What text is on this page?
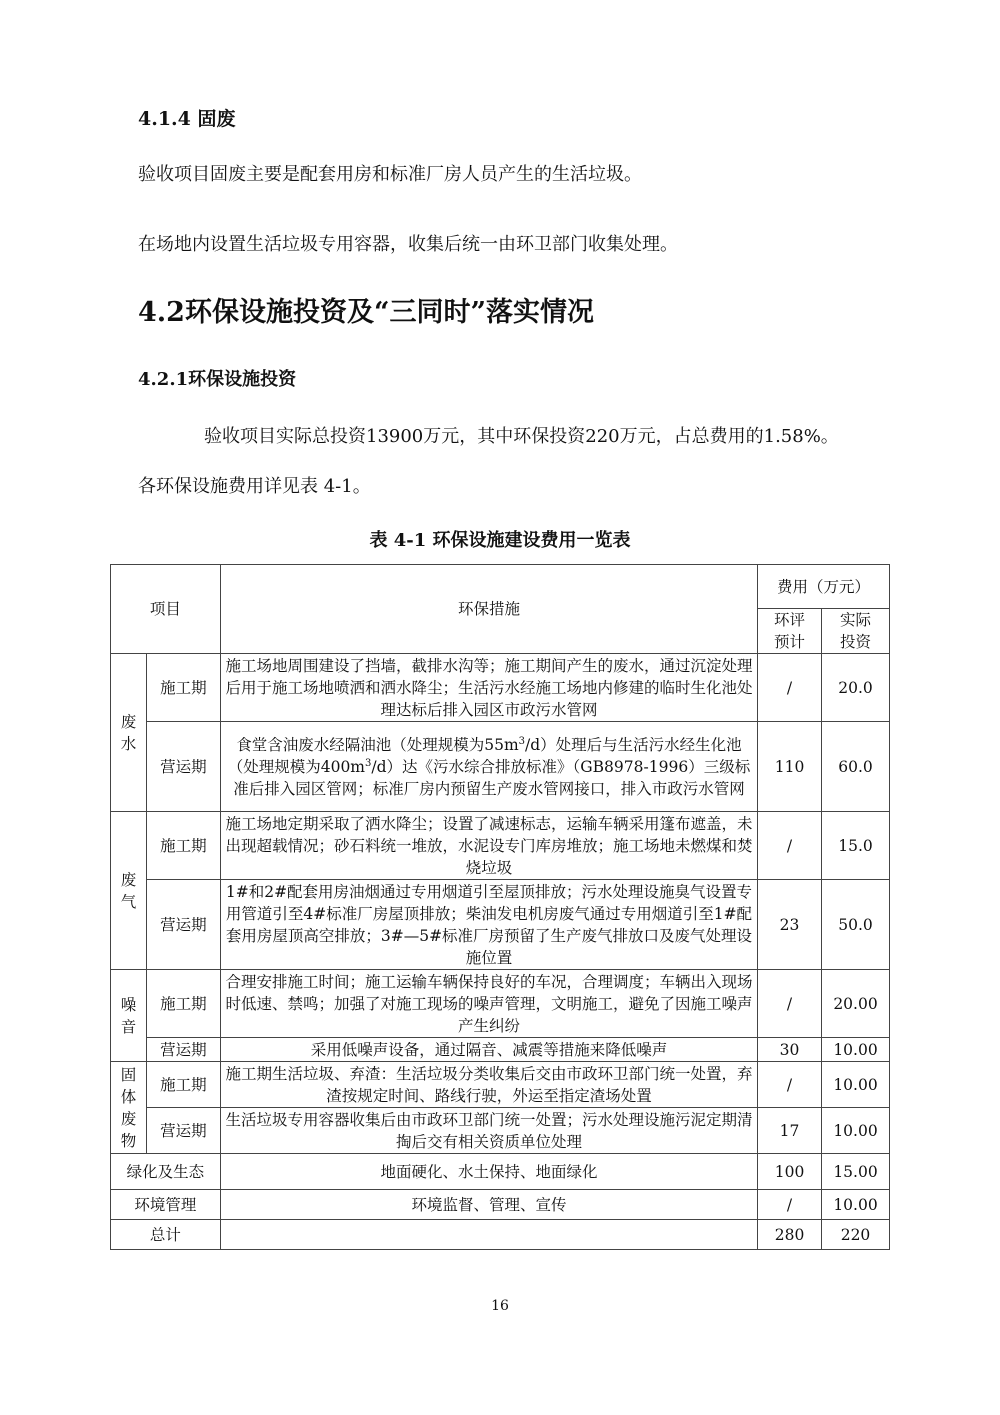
4.1.4 固废
验收项目固废主要是配套用房和标准厂房人员产生的生活垃圾。
在场地内设置生活垃圾专用容器，收集后统一由环卫部门收集处理。
4.2环保设施投资及“三同时”落实情况
4.2.1环保设施投资
验收项目实际总投资13900万元，其中环保投资220万元，占总费用的1.58%。
各环保设施费用详见表 4-1。
表 4-1 环保设施建设费用一览表
项目		环保措施	费用（万元）	
			环评预计	实际投资
废水	施工期	施工场地周围建设了挡墙，截排水沟等；施工期间产生的废水，通过沉淀处理后用于施工场地喷洒和洒水降尘；生活污水经施工场地内修建的临时生化池处理达标后排入园区市政污水管网	/	20.0
	营运期	食堂含油废水经隔油池（处理规模为$55m^3/d$）处理后与生活污水经生化池（处理规模为$400m^3/d$）达《污水综合排放标准》（GB8978-1996）三级标准后排入园区管网；标准厂房内预留生产废水管网接口，排入市政污水管网	110	60.0
废气	施工期	施工场地定期采取了洒水降尘；设置了减速标志，运输车辆采用篷布遮盖，未出现超载情况；砂石料统一堆放，水泥设专门库房堆放；施工场地未燃煤和焚烧垃圾	/	15.0
	营运期	1#和2#配套用房油烟通过专用烟道引至屋顶排放；污水处理设施臭气设置专用管道引至4#标准厂房屋顶排放；柴油发电机房废气通过专用烟道引至1#配套用房屋顶高空排放；3#—5#标准厂房预留了生产废气排放口及废气处理设施位置	23	50.0
噪音	施工期	合理安排施工时间；施工运输车辆保持良好的车况，合理调度；车辆出入现场时低速、禁鸣；加强了对施工现场的噪声管理，文明施工，避免了因施工噪声产生纠纷	/	20.00
	营运期	采用低噪声设备，通过隔音、减震等措施来降低噪声	30	10.00
固体废物	施工期	施工期生活垃圾、弃渣：生活垃圾分类收集后交由市政环卫部门统一处置，弃渣按规定时间、路线行驶，外运至指定渣场处置	/	10.00
	营运期	生活垃圾专用容器收集后由市政环卫部门统一处置；污水处理设施污泥定期清掏后交有相关资质单位处理	17	10.00
绿化及生态		地面硬化、水土保持、地面绿化	100	15.00
环境管理		环境监督、管理、宣传	/	10.00
总计			280	220
16
